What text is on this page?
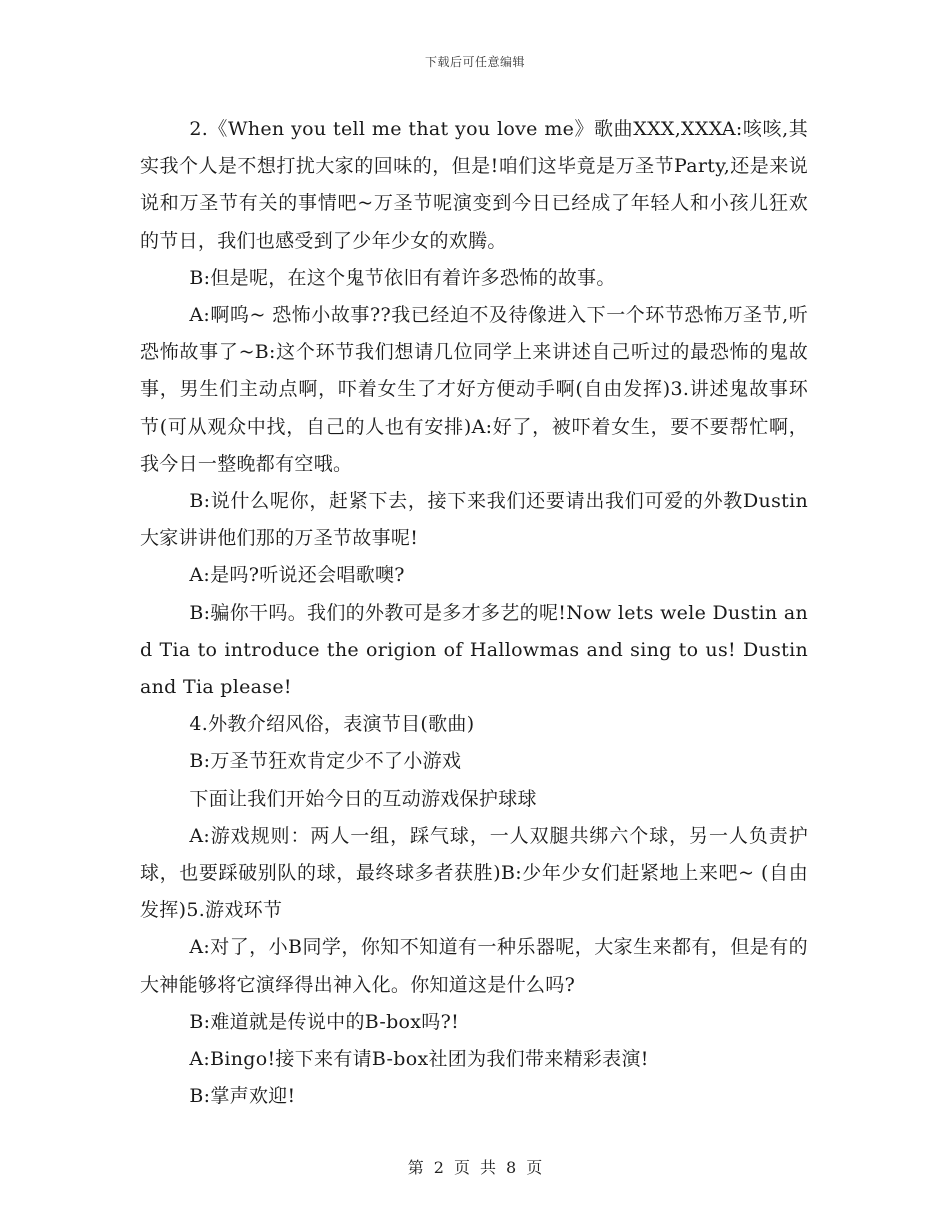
下载后可任意编辑

2.《When you tell me that you love me》歌曲XXX,XXXA:咳咳,其实我个人是不想打扰大家的回味的，但是!咱们这毕竟是万圣节Party,还是来说说和万圣节有关的事情吧~万圣节呢演变到今日已经成了年轻人和小孩儿狂欢的节日，我们也感受到了少年少女的欢腾。

B:但是呢，在这个鬼节依旧有着许多恐怖的故事。

A:啊呜~ 恐怖小故事??我已经迫不及待像进入下一个环节恐怖万圣节,听恐怖故事了~B:这个环节我们想请几位同学上来讲述自己听过的最恐怖的鬼故事，男生们主动点啊，吓着女生了才好方便动手啊(自由发挥)3.讲述鬼故事环节(可从观众中找，自己的人也有安排)A:好了，被吓着女生，要不要帮忙啊，我今日一整晚都有空哦。

B:说什么呢你，赶紧下去，接下来我们还要请出我们可爱的外教Dustin大家讲讲他们那的万圣节故事呢!

A:是吗?听说还会唱歌噢?

B:骗你干吗。我们的外教可是多才多艺的呢!Now lets wele Dustin and Tia to introduce the origion of Hallowmas and sing to us! Dustin and Tia please!

4.外教介绍风俗，表演节目(歌曲)

B:万圣节狂欢肯定少不了小游戏

下面让我们开始今日的互动游戏保护球球

A:游戏规则：两人一组，踩气球，一人双腿共绑六个球，另一人负责护球，也要踩破别队的球，最终球多者获胜)B:少年少女们赶紧地上来吧~ (自由发挥)5.游戏环节

A:对了，小B同学，你知不知道有一种乐器呢，大家生来都有，但是有的大神能够将它演绎得出神入化。你知道这是什么吗?

B:难道就是传说中的B-box吗?!

A:Bingo!接下来有请B-box社团为我们带来精彩表演!

B:掌声欢迎!

第 2 页 共 8 页
